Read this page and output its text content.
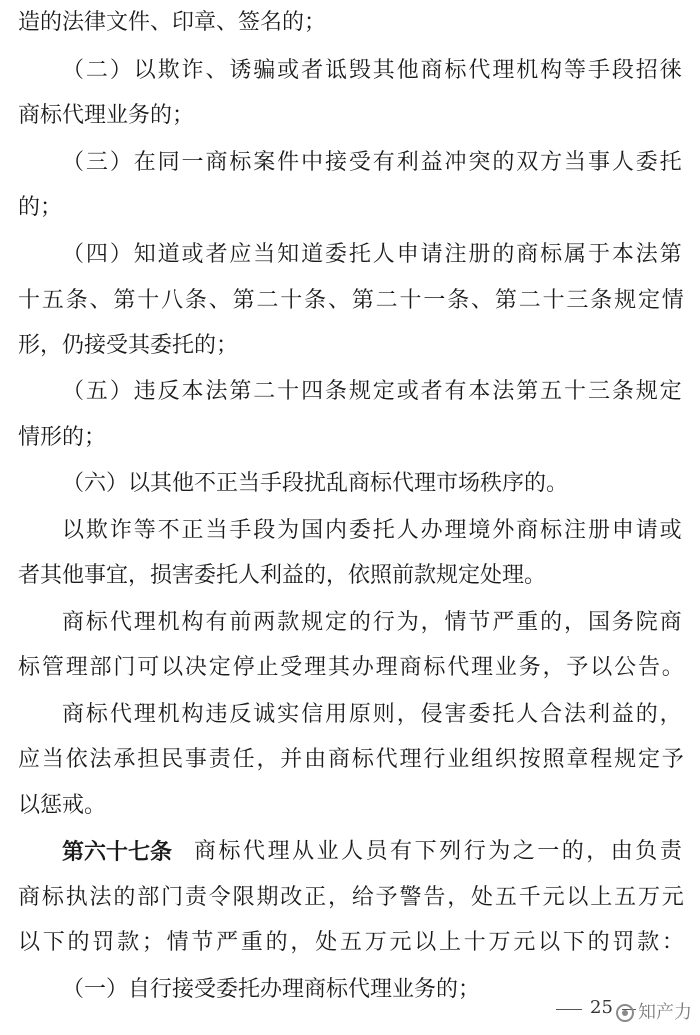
造的法律文件、印章、签名的；
（ 二 ） 以 欺 诈 、 诱 骗 或 者 诋 毁 其 他 商 标 代 理 机 构 等 手 段 招 徕
商标代理业务的；
（ 三 ） 在 同 一 商 标 案 件 中 接 受 有 利 益 冲 突 的 双 方 当 事 人 委 托
的；
（ 四 ） 知 道 或 者 应 当 知 道 委 托 人 申 请 注 册 的 商 标 属 于 本 法 第
十 五 条 、 第 十 八 条 、 第 二 十 条 、 第 二 十 一 条 、 第 二 十 三 条 规 定 情
形，仍接受其委托的；
（ 五 ） 违 反 本 法 第 二 十 四 条 规 定 或 者 有 本 法 第 五 十 三 条 规 定
情形的；
（六）以其他不正当手段扰乱商标代理市场秩序的。
以 欺 诈 等 不 正 当 手 段 为 国 内 委 托 人 办 理 境 外 商 标 注 册 申 请 或
者其他事宜，损害委托人利益的，依照前款规定处理。
商 标 代 理 机 构 有 前 两 款 规 定 的 行 为 ， 情 节 严 重 的 ， 国 务 院 商
标 管 理 部 门 可 以 决 定 停 止 受 理 其 办 理 商 标 代 理 业 务 ， 予 以 公 告 。
商 标 代 理 机 构 违 反 诚 实 信 用 原 则 ， 侵 害 委 托 人 合 法 利 益 的 ，
应 当 依 法 承 担 民 事 责 任 ， 并 由 商 标 代 理 行 业 组 织 按 照 章 程 规 定 予
以惩戒。
第六十七条 商 标 代 理 从 业 人 员 有 下 列 行 为 之 一 的 ， 由 负 责
商 标 执 法 的 部 门 责 令 限 期 改 正 ， 给 予 警 告 ， 处 五 千 元 以 上 五 万 元
以 下 的 罚 款 ； 情 节 严 重 的 ， 处 五 万 元 以 上 十 万 元 以 下 的 罚 款 ：
（一）自行接受委托办理商标代理业务的；
25 知产力
